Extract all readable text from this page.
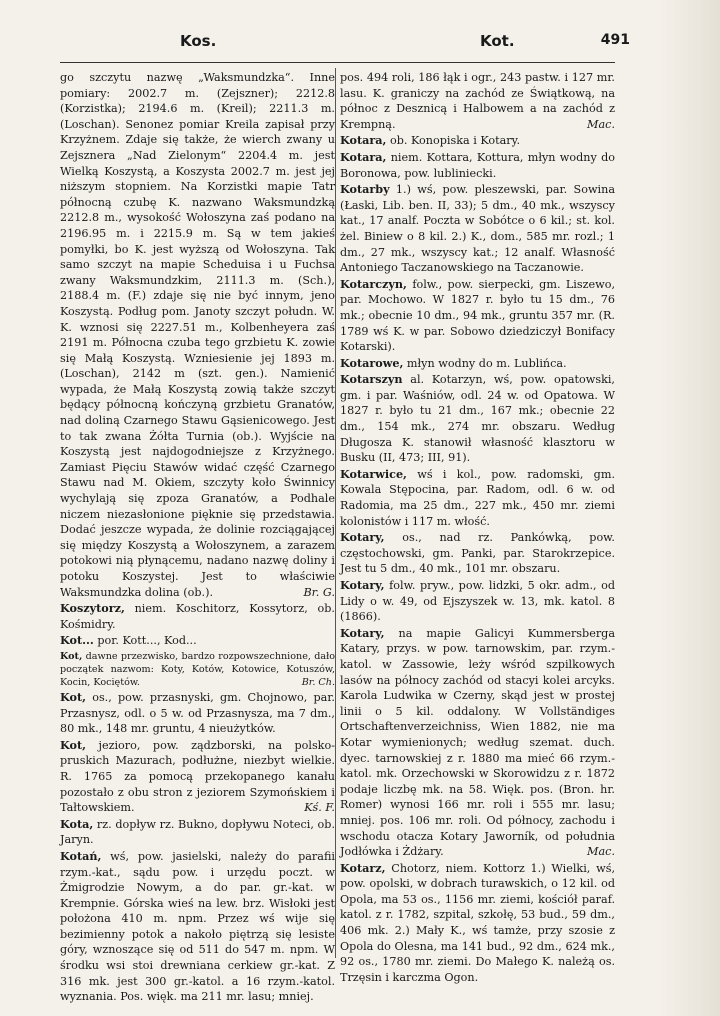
Kos.	Kot.	491

go szczytu nazwę „Waksmundzka“. Inne pomiary: 2002.7 m. (Zejszner); 2212.8 (Korzistka); 2194.6 m. (Kreil); 2211.3 m. (Loschan). Senonez pomiar Kreila zapisał przy Krzyżnem. Zdaje się także, że wierch zwany u Zejsznera „Nad Zielonym“ 2204.4 m. jest Wielką Koszystą, a Koszysta 2002.7 m. jest jej niższym stopniem. Na Korzistki mapie Tatr północną czubę K. nazwano Waksmundzką 2212.8 m., wysokość Wołoszyna zaś podano na 2196.95 m. i 2215.9 m. Są w tem jakieś pomyłki, bo K. jest wyższą od Wołoszyna. Tak samo szczyt na mapie Scheduisa i u Fuchsa zwany Waksmundzkim, 2111.3 m. (Sch.), 2188.4 m. (F.) zdaje się nie być innym, jeno Koszystą. Podług pom. Janoty szczyt połudn. W. K. wznosi się 2227.51 m., Kolbenheyera zaś 2191 m. Północna czuba tego grzbietu K. zowie się Małą Koszystą. Wzniesienie jej 1893 m. (Loschan), 2142 m (szt. gen.). Namienić wypada, że Małą Koszystą zowią także szczyt będący północną kończyną grzbietu Granatów, nad doliną Czarnego Stawu Gąsienicowego. Jest to tak zwana Żółta Turnia (ob.). Wyjście na Koszystą jest najdogodniejsze z Krzyżnego. Zamiast Pięciu Stawów widać część Czarnego Stawu nad M. Okiem, szczyty koło Świnnicy wychylają się zpoza Granatów, a Podhale niczem niezasłonione pięknie się przedstawia. Dodać jeszcze wypada, że dolinie rozciągającej się między Koszystą a Wołoszynem, a zarazem potokowi nią płynącemu, nadano nazwę doliny i potoku Koszystej. Jest to właściwie Waksmundzka dolina (ob.).	Br. G.

Koszytorz, niem. Koschitorz, Kossytorz, ob. Kośmidry.

Kot... por. Kott..., Kod...

Kot, dawne przezwisko, bardzo rozpowszechnione, dało początek nazwom: Koty, Kotów, Kotowice, Kotuszów, Kocin, Kociętów.	Br. Ch.

Kot, os., pow. przasnyski, gm. Chojnowo, par. Przasnysz, odl. o 5 w. od Przasnysza, ma 7 dm., 80 mk., 148 mr. gruntu, 4 nieużytków.

Kot, jezioro, pow. ządzborski, na polsko-pruskich Mazurach, podłużne, niezbyt wielkie. R. 1765 za pomocą przekopanego kanału pozostało z obu stron z jeziorem Szymońskiem i Tałtowskiem.	Kś. F.

Kota, rz. dopływ rz. Bukno, dopływu Noteci, ob. Jaryn.

Kotań, wś, pow. jasielski, należy do parafii rzym.-kat., sądu pow. i urzędu poczt. w Żmigrodzie Nowym, a do par. gr.-kat. w Krempnie. Górska wieś na lew. brz. Wisłoki jest położona 410 m. npm. Przez wś wije się bezimienny potok a nakoło piętrzą się lesiste góry, wznoszące się od 511 do 547 m. npm. W środku wsi stoi drewniana cerkiew gr.-kat. Z 316 mk. jest 300 gr.-katol. a 16 rzym.-katol. wyznania. Pos. więk. ma 211 mr. lasu; mniej.

pos. 494 roli, 186 łąk i ogr., 243 pastw. i 127 mr. lasu. K. graniczy na zachód ze Świątkową, na północ z Desznicą i Halbowem a na zachód z Krempną.	Mac.

Kotara, ob. Konopiska i Kotary.

Kotara, niem. Kottara, Kottura, młyn wodny do Boronowa, pow. lubliniecki.

Kotarby 1.) wś, pow. pleszewski, par. Sowina (Łaski, Lib. ben. II, 33); 5 dm., 40 mk., wszyscy kat., 17 analf. Poczta w Sobótce o 6 kil.; st. kol. żel. Biniew o 8 kil. 2.) K., dom., 585 mr. rozl.; 1 dm., 27 mk., wszyscy kat.; 12 analf. Własność Antoniego Taczanowskiego na Taczanowie.

Kotarczyn, folw., pow. sierpecki, gm. Liszewo, par. Mochowo. W 1827 r. było tu 15 dm., 76 mk.; obecnie 10 dm., 94 mk., gruntu 357 mr. (R. 1789 wś K. w par. Sobowo dziedziczył Bonifacy Kotarski).

Kotarowe, młyn wodny do m. Lublińca.

Kotarszyn al. Kotarzyn, wś, pow. opatowski, gm. i par. Waśniów, odl. 24 w. od Opatowa. W 1827 r. było tu 21 dm., 167 mk.; obecnie 22 dm., 154 mk., 274 mr. obszaru. Według Długosza K. stanowił własność klasztoru w Busku (II, 473; III, 91).

Kotarwice, wś i kol., pow. radomski, gm. Kowala Stępocina, par. Radom, odl. 6 w. od Radomia, ma 25 dm., 227 mk., 450 mr. ziemi kolonistów i 117 m. włość.

Kotary, os., nad rz. Pankówką, pow. częstochowski, gm. Panki, par. Starokrzepice. Jest tu 5 dm., 40 mk., 101 mr. obszaru.

Kotary, folw. pryw., pow. lidzki, 5 okr. adm., od Lidy o w. 49, od Ejszyszek w. 13, mk. katol. 8 (1866).

Kotary, na mapie Galicyi Kummersberga Katary, przys. w pow. tarnowskim, par. rzym.-katol. w Zassowie, leży wśród szpilkowych lasów na północy zachód od stacyi kolei arcyks. Karola Ludwika w Czerny, skąd jest w prostej linii o 5 kil. oddalony. W Vollständiges Ortschaftenverzeichniss, Wien 1882, nie ma Kotar wymienionych; według szemat. duch. dyec. tarnowskiej z r. 1880 ma mieć 66 rzym.-katol. mk. Orzechowski w Skorowidzu z r. 1872 podaje liczbę mk. na 58. Więk. pos. (Bron. hr. Romer) wynosi 166 mr. roli i 555 mr. lasu; mniej. pos. 106 mr. roli. Od północy, zachodu i wschodu otacza Kotary Jaworník, od południa Jodłówka i Żdżary.	Mac.

Kotarz, Chotorz, niem. Kottorz 1.) Wielki, wś, pow. opolski, w dobrach turawskich, o 12 kil. od Opola, ma 53 os., 1156 mr. ziemi, kościół paraf. katol. z r. 1782, szpital, szkołę, 53 bud., 59 dm., 406 mk. 2.) Mały K., wś tamże, przy szosie z Opola do Olesna, ma 141 bud., 92 dm., 624 mk., 92 os., 1780 mr. ziemi. Do Małego K. należą os. Trzęsin i karczma Ogon.
